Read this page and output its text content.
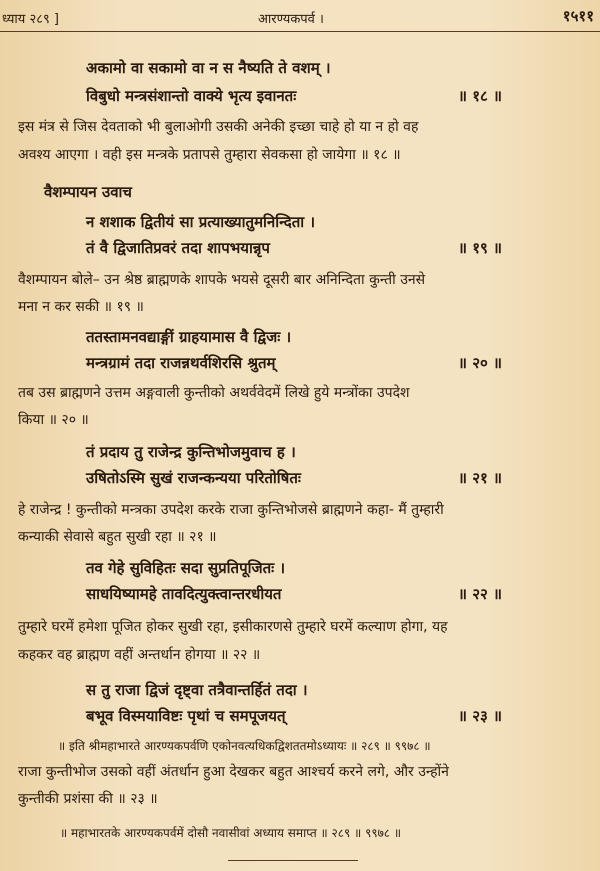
ध्याय २८९ ]	आरण्यकपर्व ।	१५११
अकामो वा सकामो वा न स नैष्यति ते वशम् ।
विबुधो मन्त्रसंशान्तो वाक्ये भृत्य इवानतः	॥ १८ ॥
इस मंत्र से जिस देवताको भी बुलाओगी उसकी अनेकी इच्छा चाहे हो या न हो वह
अवश्य आएगा । वही इस मन्त्रके प्रतापसे तुम्हारा सेवकसा हो जायेगा ॥ १८ ॥
वैशम्पायन उवाच
न शशाक द्वितीयं सा प्रत्याख्यातुमनिन्दिता ।
तं वै द्विजातिप्रवरं तदा शापभयान्नृप	॥ १९ ॥
वैशम्पायन बोले– उन श्रेष्ठ ब्राह्मणके शापके भयसे दूसरी बार अनिन्दिता कुन्ती उनसे
मना न कर सकी ॥ १९ ॥
ततस्तामनवद्याङ्गीं ग्राहयामास वै द्विजः ।
मन्त्रग्रामं तदा राजन्नथर्वशिरसि श्रुतम्	॥ २० ॥
तब उस ब्राह्मणने उत्तम अङ्गवाली कुन्तीको अथर्ववेदमें लिखे हुये मन्त्रोंका उपदेश
किया ॥ २० ॥
तं प्रदाय तु राजेन्द्र कुन्तिभोजमुवाच ह ।
उषितोऽस्मि सुखं राजन्कन्यया परितोषितः	॥ २१ ॥
हे राजेन्द्र ! कुन्तीको मन्त्रका उपदेश करके राजा कुन्तिभोजसे ब्राह्मणने कहा- मैं तुम्हारी
कन्याकी सेवासे बहुत सुखी रहा ॥ २१ ॥
तव गेहे सुविहितः सदा सुप्रतिपूजितः ।
साधयिष्यामहे तावदित्युक्त्वान्तरधीयत	॥ २२ ॥
तुम्हारे घरमें हमेशा पूजित होकर सुखी रहा, इसीकारणसे तुम्हारे घरमें कल्याण होगा, यह
कहकर वह ब्राह्मण वहीं अन्तर्धान होगया ॥ २२ ॥
स तु राजा द्विजं दृष्ट्वा तत्रैवान्तर्हितं तदा ।
बभूव विस्मयाविष्टः पृथां च समपूजयत्	॥ २३ ॥
॥ इति श्रीमहाभारते आरण्यकपर्वणि एकोनवत्यधिकद्विशततमोऽध्यायः ॥ २८९ ॥ ९९७८ ॥
राजा कुन्तीभोज उसको वहीं अंतर्धान हुआ देखकर बहुत आश्चर्य करने लगे, और उन्होंने
कुन्तीकी प्रशंसा की ॥ २३ ॥
॥ महाभारतके आरण्यकपर्वमें दोसौ नवासीवां अध्याय समाप्त ॥ २८९ ॥ ९९७८ ॥
